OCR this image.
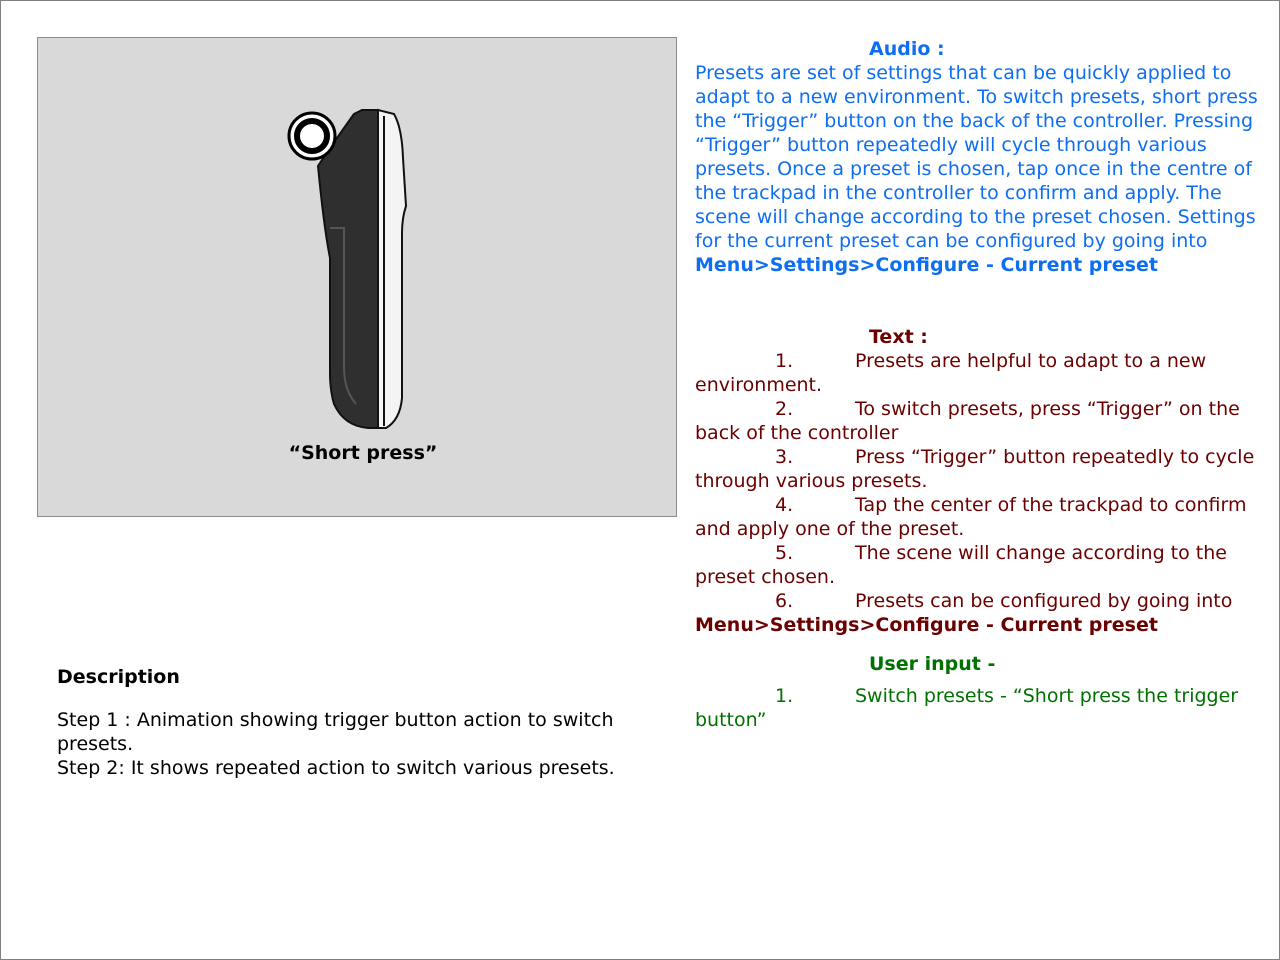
“Short press”
Description
Step 1 : Animation showing trigger button action to switch presets.
Step 2: It shows repeated action to switch various presets.
Audio :
Presets are set of settings that can be quickly applied to adapt to a new environment. To switch presets, short press the “Trigger” button on the back of the controller. Pressing “Trigger” button repeatedly will cycle through various presets. Once a preset is chosen, tap once in the centre of the trackpad in the controller to confirm and apply. The scene will change according to the preset chosen. Settings for the current preset can be configured by going into Menu>Settings>Configure - Current preset
Text :
1.	Presets are helpful to adapt to a new environment.
2.	To switch presets, press “Trigger” on the back of the controller
3.	Press “Trigger” button repeatedly to cycle through various presets.
4.	Tap the center of the trackpad to confirm and apply one of the preset.
5.	The scene will change according to the preset chosen.
6.	Presets can be configured by going into
Menu>Settings>Configure - Current preset
User input -
1.	Switch presets - “Short press the trigger button”
